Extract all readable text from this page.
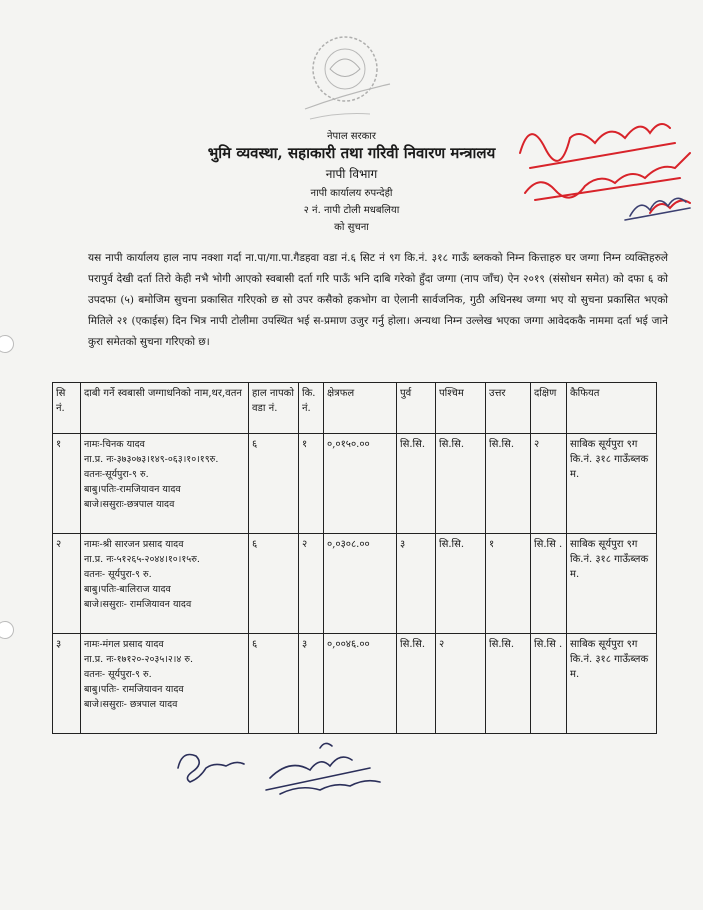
नेपाल सरकार
भुमि व्यवस्था, सहाकारी तथा गरिवी निवारण मन्त्रालय
नापी विभाग
नापी कार्यालय रुपन्देही
२ नं. नापी टोली मधबलिया
को सुचना
यस नापी कार्यालय हाल नाप नक्शा गर्दा ना.पा/गा.पा.गैडहवा वडा नं.६ सिट नं ९ग कि.नं. ३१८ गाऊँ ब्लकको निम्न कित्ताहरु घर जग्गा निम्न व्यक्तिहरुले परापुर्व देखी दर्ता तिरो केही नभै भोगी आएको स्वबासी दर्ता गरि पाऊँ भनि दाबि गरेको हुँदा जग्गा (नाप जाँच) ऐन २०१९ (संसोधन समेत) को दफा ६ को उपदफा (५) बमोजिम सुचना प्रकासित गरिएको छ सो उपर कसैको हकभोग वा ऐलानी सार्वजनिक, गुठी अधिनस्थ जग्गा भए यो सुचना प्रकासित भएको मितिले २१ (एकाईस) दिन भित्र नापी टोलीमा उपस्थित भई स-प्रमाण उजुर गर्नु होला। अन्यथा निम्न उल्लेख भएका जग्गा आवेदककै नाममा दर्ता भई जाने कुरा समेतको सुचना गरिएको छ।
सि नं.	दाबी गर्ने स्वबासी जग्गाधनिको नाम,थर,वतन	हाल नापको वडा नं.	कि. नं.	क्षेत्रफल	पुर्व	पश्चिम	उत्तर	दक्षिण	कैफियत
१	नामः-चिनक यादव
ना.प्र. नः-३७३०७३।१४९-०६३।१०।१९रु.
वतनः-सूर्यपुरा-९ रु.
बाबु।पतिः-रामजियावन यादव
बाजे।ससुराः-छत्रपाल यादव	६	१	०,०१५०.००	सि.सि.	सि.सि.	सि.सि.	२	साबिक सूर्यपुरा ९ग कि.नं. ३१८ गाऊँब्लक म.
२	नामः-श्री सारजन प्रसाद यादव
ना.प्र. नः-५१२६५-२०४४।१०।१५रु.
वतनः- सूर्यपुरा-९ रु.
बाबु।पतिः-बालिराज यादव
बाजे।ससुराः- रामजियावन यादव	६	२	०,०३०८.००	३	सि.सि.	१	सि.सि .	साबिक सूर्यपुरा ९ग कि.नं. ३१८ गाऊँब्लक म.
३	नामः-मंगल प्रसाद यादव
ना.प्र. नः-१७१२०-२०३५।२।४ रु.
वतनः- सूर्यपुरा-९ रु.
बाबु।पतिः- रामजियावन यादव
बाजे।ससुराः- छत्रपाल यादव	६	३	०,००४६.००	सि.सि.	२	सि.सि.	सि.सि .	साबिक सूर्यपुरा ९ग कि.नं. ३१८ गाऊँब्लक म.
